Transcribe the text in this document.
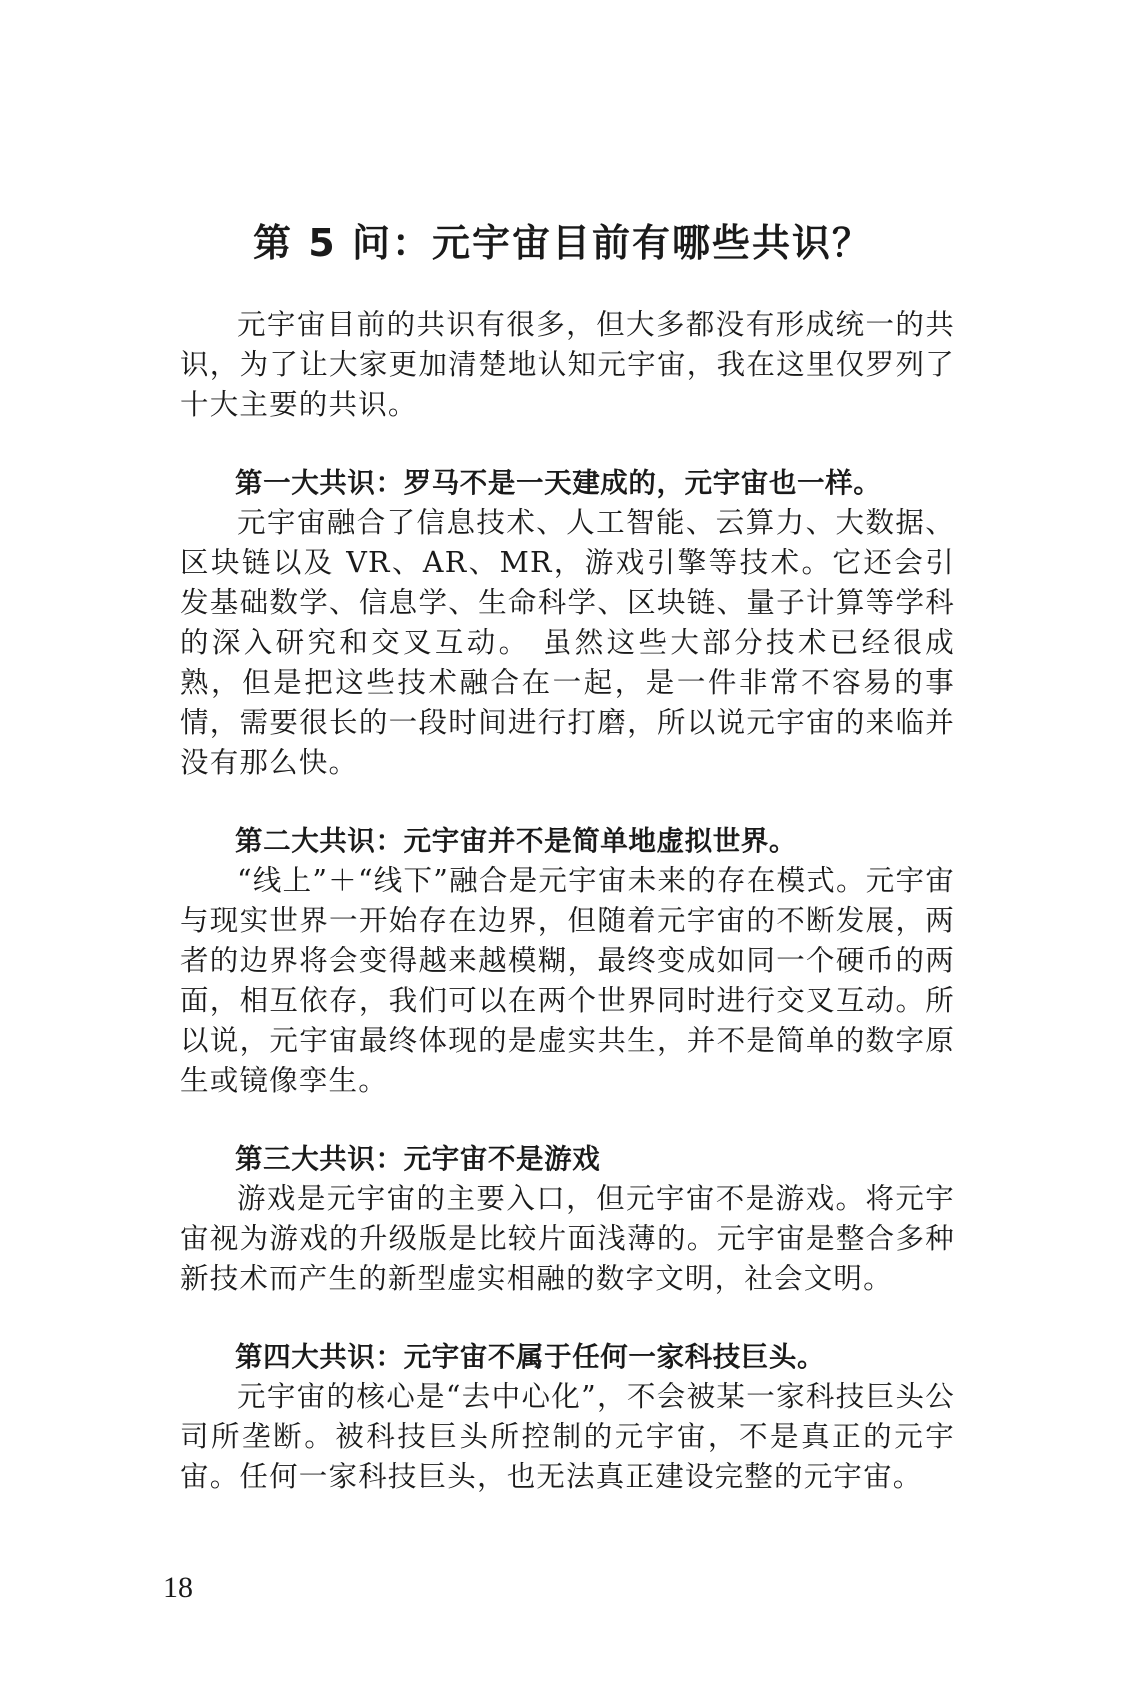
第 5 问：元宇宙目前有哪些共识？

元宇宙目前的共识有很多，但大多都没有形成统一的共识，为了让大家更加清楚地认知元宇宙，我在这里仅罗列了十大主要的共识。

第一大共识：罗马不是一天建成的，元宇宙也一样。

元宇宙融合了信息技术、人工智能、云算力、大数据、区块链以及 VR、AR、MR，游戏引擎等技术。它还会引发基础数学、信息学、生命科学、区块链、量子计算等学科的深入研究和交叉互动。 虽然这些大部分技术已经很成熟，但是把这些技术融合在一起，是一件非常不容易的事情，需要很长的一段时间进行打磨，所以说元宇宙的来临并没有那么快。

第二大共识：元宇宙并不是简单地虚拟世界。

“线上”＋“线下”融合是元宇宙未来的存在模式。元宇宙与现实世界一开始存在边界，但随着元宇宙的不断发展，两者的边界将会变得越来越模糊，最终变成如同一个硬币的两面，相互依存，我们可以在两个世界同时进行交叉互动。所以说，元宇宙最终体现的是虚实共生，并不是简单的数字原生或镜像孪生。

第三大共识：元宇宙不是游戏

游戏是元宇宙的主要入口，但元宇宙不是游戏。将元宇宙视为游戏的升级版是比较片面浅薄的。元宇宙是整合多种新技术而产生的新型虚实相融的数字文明，社会文明。

第四大共识：元宇宙不属于任何一家科技巨头。

元宇宙的核心是“去中心化”，不会被某一家科技巨头公司所垄断。被科技巨头所控制的元宇宙，不是真正的元宇宙。任何一家科技巨头，也无法真正建设完整的元宇宙。

18
